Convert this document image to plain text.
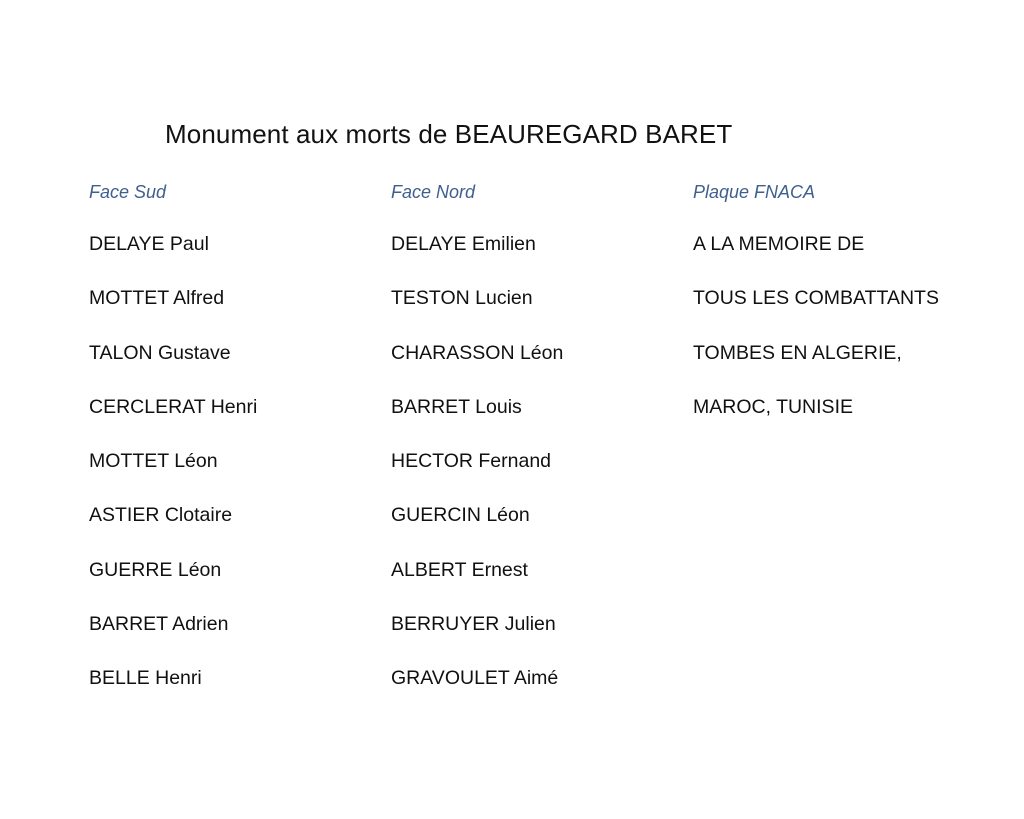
Monument aux morts de BEAUREGARD BARET
Face Sud
DELAYE Paul
MOTTET Alfred
TALON Gustave
CERCLERAT Henri
MOTTET Léon
ASTIER Clotaire
GUERRE Léon
BARRET Adrien
BELLE Henri
Face Nord
DELAYE Emilien
TESTON Lucien
CHARASSON Léon
BARRET Louis
HECTOR Fernand
GUERCIN Léon
ALBERT Ernest
BERRUYER Julien
GRAVOULET Aimé
Plaque FNACA
A LA MEMOIRE DE
TOUS LES COMBATTANTS
TOMBES EN ALGERIE,
MAROC, TUNISIE
